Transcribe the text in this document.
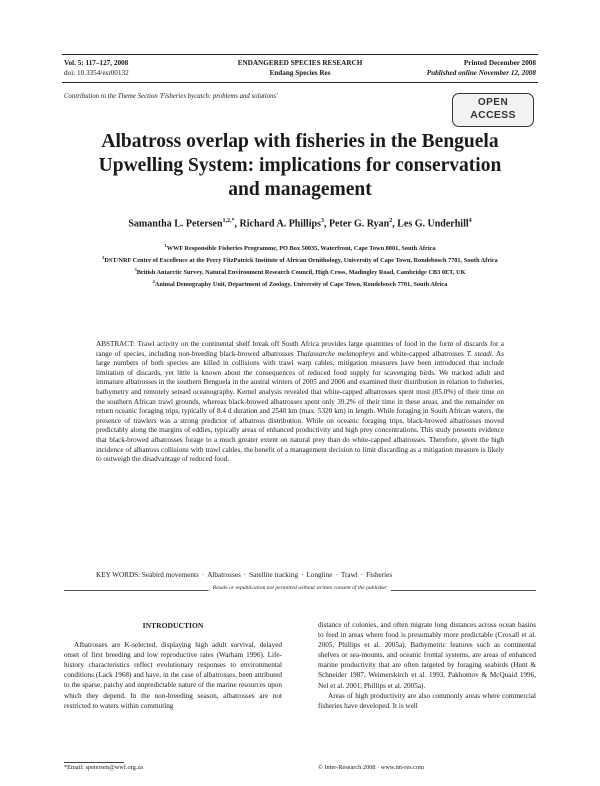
Vol. 5: 117–127, 2008
doi: 10.3354/esr00132
ENDANGERED SPECIES RESEARCH
Endang Species Res
Printed December 2008
Published online November 12, 2008
Contribution to the Theme Section 'Fisheries bycatch: problems and solutions'
OPEN
ACCESS
Albatross overlap with fisheries in the Benguela
Upwelling System: implications for conservation
and management
Samantha L. Petersen$^{1,2,*}$, Richard A. Phillips$^3$, Peter G. Ryan$^2$, Les G. Underhill$^4$
$^1$WWF Responsible Fisheries Programme, PO Box 50035, Waterfront, Cape Town 8001, South Africa
$^2$DST/NRF Centre of Excellence at the Percy FitzPatrick Institute of African Ornithology, University of Cape Town, Rondebosch 7701, South Africa
$^3$British Antarctic Survey, Natural Environment Research Council, High Cross, Madingley Road, Cambridge CB3 0ET, UK
$^4$Animal Demography Unit, Department of Zoology, University of Cape Town, Rondebosch 7701, South Africa
ABSTRACT: Trawl activity on the continental shelf break off South Africa provides large quantities of food in the form of discards for a range of species, including non-breeding black-browed albatrosses Thalassarche melanophrys and white-capped albatrosses T. steadi. As large numbers of both species are killed in collisions with trawl warp cables, mitigation measures have been introduced that include limitation of discards, yet little is known about the consequences of reduced food supply for scavenging birds. We tracked adult and immature albatrosses in the southern Benguela in the austral winters of 2005 and 2006 and examined their distribution in relation to fisheries, bathymetry and remotely sensed oceanography. Kernel analysis revealed that white-capped albatrosses spent most (85.0%) of their time on the southern African trawl grounds, whereas black-browed albatrosses spent only 39.2% of their time in these areas, and the remainder on return oceanic foraging trips, typically of 8.4 d duration and 2540 km (max. 5320 km) in length. While foraging in South African waters, the presence of trawlers was a strong predictor of albatross distribution. While on oceanic foraging trips, black-browed albatrosses moved predictably along the margins of eddies, typically areas of enhanced productivity and high prey concentrations. This study presents evidence that black-browed albatrosses forage to a much greater extent on natural prey than do white-capped albatrosses. Therefore, given the high incidence of albatross collisions with trawl cables, the benefit of a management decision to limit discarding as a mitigation measure is likely to outweigh the disadvantage of reduced food.
KEY WORDS: Seabird movements · Albatrosses · Satellite tracking · Longline · Trawl · Fisheries
Resale or republication not permitted without written consent of the publisher
INTRODUCTION

Albatrosses are K-selected, displaying high adult survival, delayed onset of first breeding and low reproductive rates (Warham 1996). Life-history characteristics reflect evolutionary responses to environmental conditions (Lack 1968) and have, in the case of albatrosses, been attributed to the sparse, patchy and unpredictable nature of the marine resources upon which they depend. In the non-breeding season, albatrosses are not restricted to waters within commuting

distance of colonies, and often migrate long distances across ocean basins to feed in areas where food is presumably more predictable (Croxall et al. 2005, Phillips et al. 2005a). Bathymetric features such as continental shelves or sea-mounts, and oceanic frontal systems, are areas of enhanced marine productivity that are often targeted by foraging seabirds (Hunt & Schneider 1987, Weimerskirch et al. 1993, Pakhomov & McQuaid 1996, Nel et al. 2001, Phillips et al. 2005a).

Areas of high productivity are also commonly areas where commercial fisheries have developed. It is well

*Email: spetersen@wwf.org.za	© Inter-Research 2008 · www.int-res.com
